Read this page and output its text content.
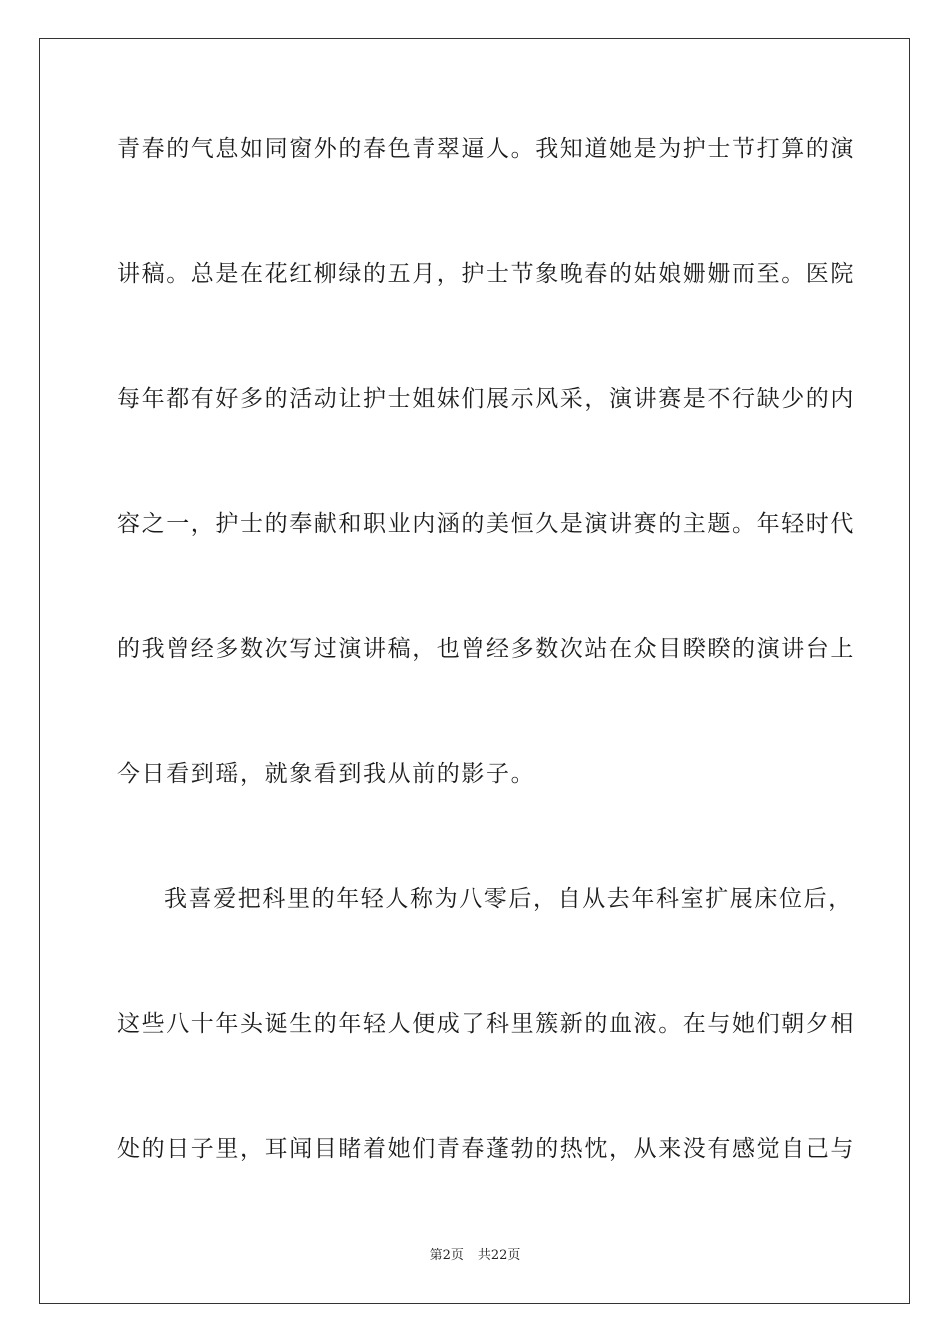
青春的气息如同窗外的春色青翠逼人。我知道她是为护士节打算的演
讲稿。总是在花红柳绿的五月，护士节象晚春的姑娘姗姗而至。医院
每年都有好多的活动让护士姐妹们展示风采，演讲赛是不行缺少的内
容之一，护士的奉献和职业内涵的美恒久是演讲赛的主题。年轻时代
的我曾经多数次写过演讲稿，也曾经多数次站在众目睽睽的演讲台上
今日看到瑶，就象看到我从前的影子。
我喜爱把科里的年轻人称为八零后，自从去年科室扩展床位后，
这些八十年头诞生的年轻人便成了科里簇新的血液。在与她们朝夕相
处的日子里，耳闻目睹着她们青春蓬勃的热忱，从来没有感觉自己与
第2页 共22页
